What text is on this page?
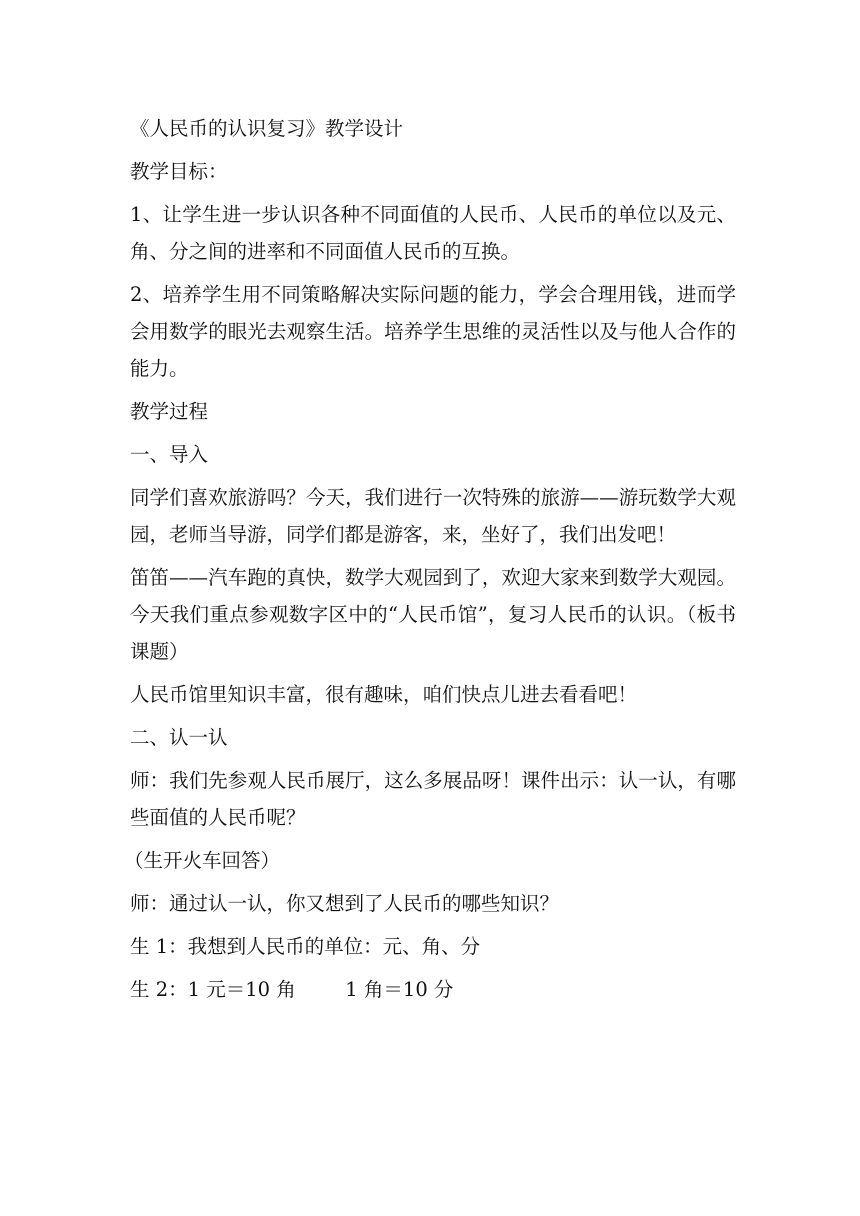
《人民币的认识复习》教学设计

教学目标：

1、让学生进一步认识各种不同面值的人民币、人民币的单位以及元、角、分之间的进率和不同面值人民币的互换。

2、培养学生用不同策略解决实际问题的能力，学会合理用钱，进而学会用数学的眼光去观察生活。培养学生思维的灵活性以及与他人合作的能力。

教学过程

一、导入

同学们喜欢旅游吗？今天，我们进行一次特殊的旅游——游玩数学大观园，老师当导游，同学们都是游客，来，坐好了，我们出发吧！

笛笛——汽车跑的真快，数学大观园到了，欢迎大家来到数学大观园。今天我们重点参观数字区中的“人民币馆”，复习人民币的认识。（板书课题）

人民币馆里知识丰富，很有趣味，咱们快点儿进去看看吧！

二、认一认

师：我们先参观人民币展厅，这么多展品呀！课件出示：认一认，有哪些面值的人民币呢？

（生开火车回答）

师：通过认一认，你又想到了人民币的哪些知识？

生 1：我想到人民币的单位：元、角、分

生 2：1 元＝10 角        1 角＝10 分
